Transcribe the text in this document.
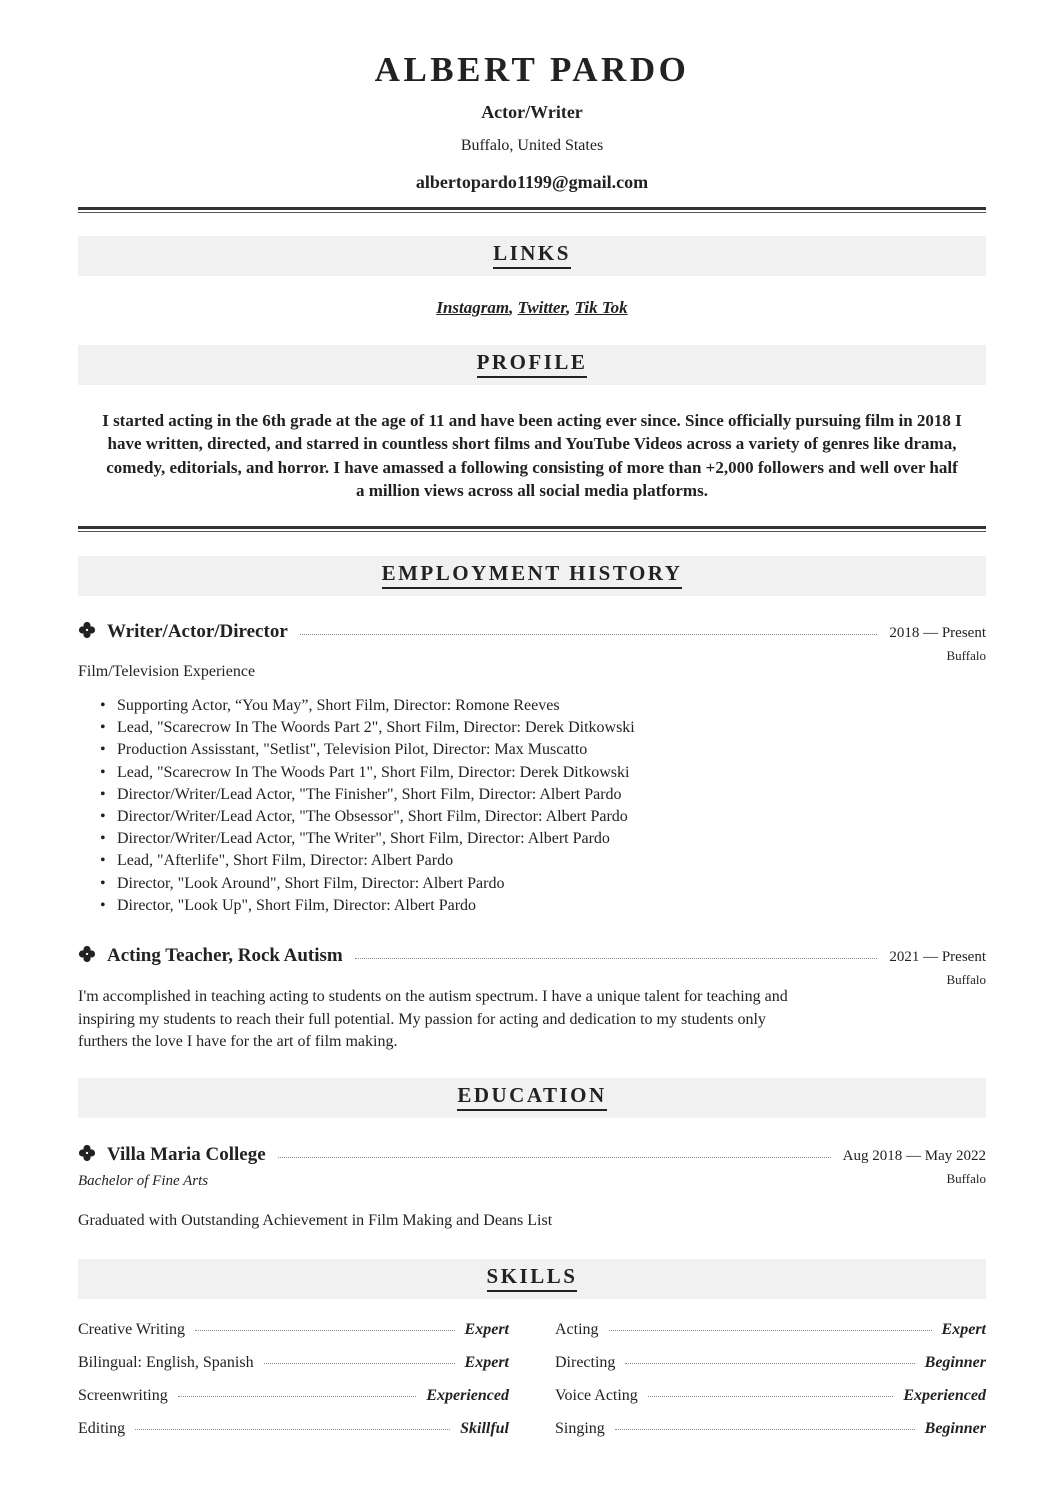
ALBERT PARDO
Actor/Writer
Buffalo, United States
albertopardo1199@gmail.com
LINKS
Instagram, Twitter, Tik Tok
PROFILE
I started acting in the 6th grade at the age of 11 and have been acting ever since. Since officially pursuing film in 2018 I have written, directed, and starred in countless short films and YouTube Videos across a variety of genres like drama, comedy, editorials, and horror. I have amassed a following consisting of more than +2,000 followers and well over half a million views across all social media platforms.
EMPLOYMENT HISTORY
Writer/Actor/Director	2018 — Present
Buffalo
Film/Television Experience
• Supporting Actor, “You May”, Short Film, Director: Romone Reeves
• Lead, "Scarecrow In The Woords Part 2", Short Film, Director: Derek Ditkowski
• Production Assisstant, "Setlist", Television Pilot, Director: Max Muscatto
• Lead, "Scarecrow In The Woods Part 1", Short Film, Director: Derek Ditkowski
• Director/Writer/Lead Actor, "The Finisher", Short Film, Director: Albert Pardo
• Director/Writer/Lead Actor, "The Obsessor", Short Film, Director: Albert Pardo
• Director/Writer/Lead Actor, "The Writer", Short Film, Director: Albert Pardo
• Lead, "Afterlife", Short Film, Director: Albert Pardo
• Director, "Look Around", Short Film, Director: Albert Pardo
• Director, "Look Up", Short Film, Director: Albert Pardo
Acting Teacher, Rock Autism	2021 — Present
Buffalo
I'm accomplished in teaching acting to students on the autism spectrum. I have a unique talent for teaching and inspiring my students to reach their full potential. My passion for acting and dedication to my students only furthers the love I have for the art of film making.
EDUCATION
Villa Maria College	Aug 2018 — May 2022
Buffalo
Bachelor of Fine Arts
Graduated with Outstanding Achievement in Film Making and Deans List
SKILLS
Creative Writing	Expert
Bilingual: English, Spanish	Expert
Screenwriting	Experienced
Editing	Skillful
Acting	Expert
Directing	Beginner
Voice Acting	Experienced
Singing	Beginner
